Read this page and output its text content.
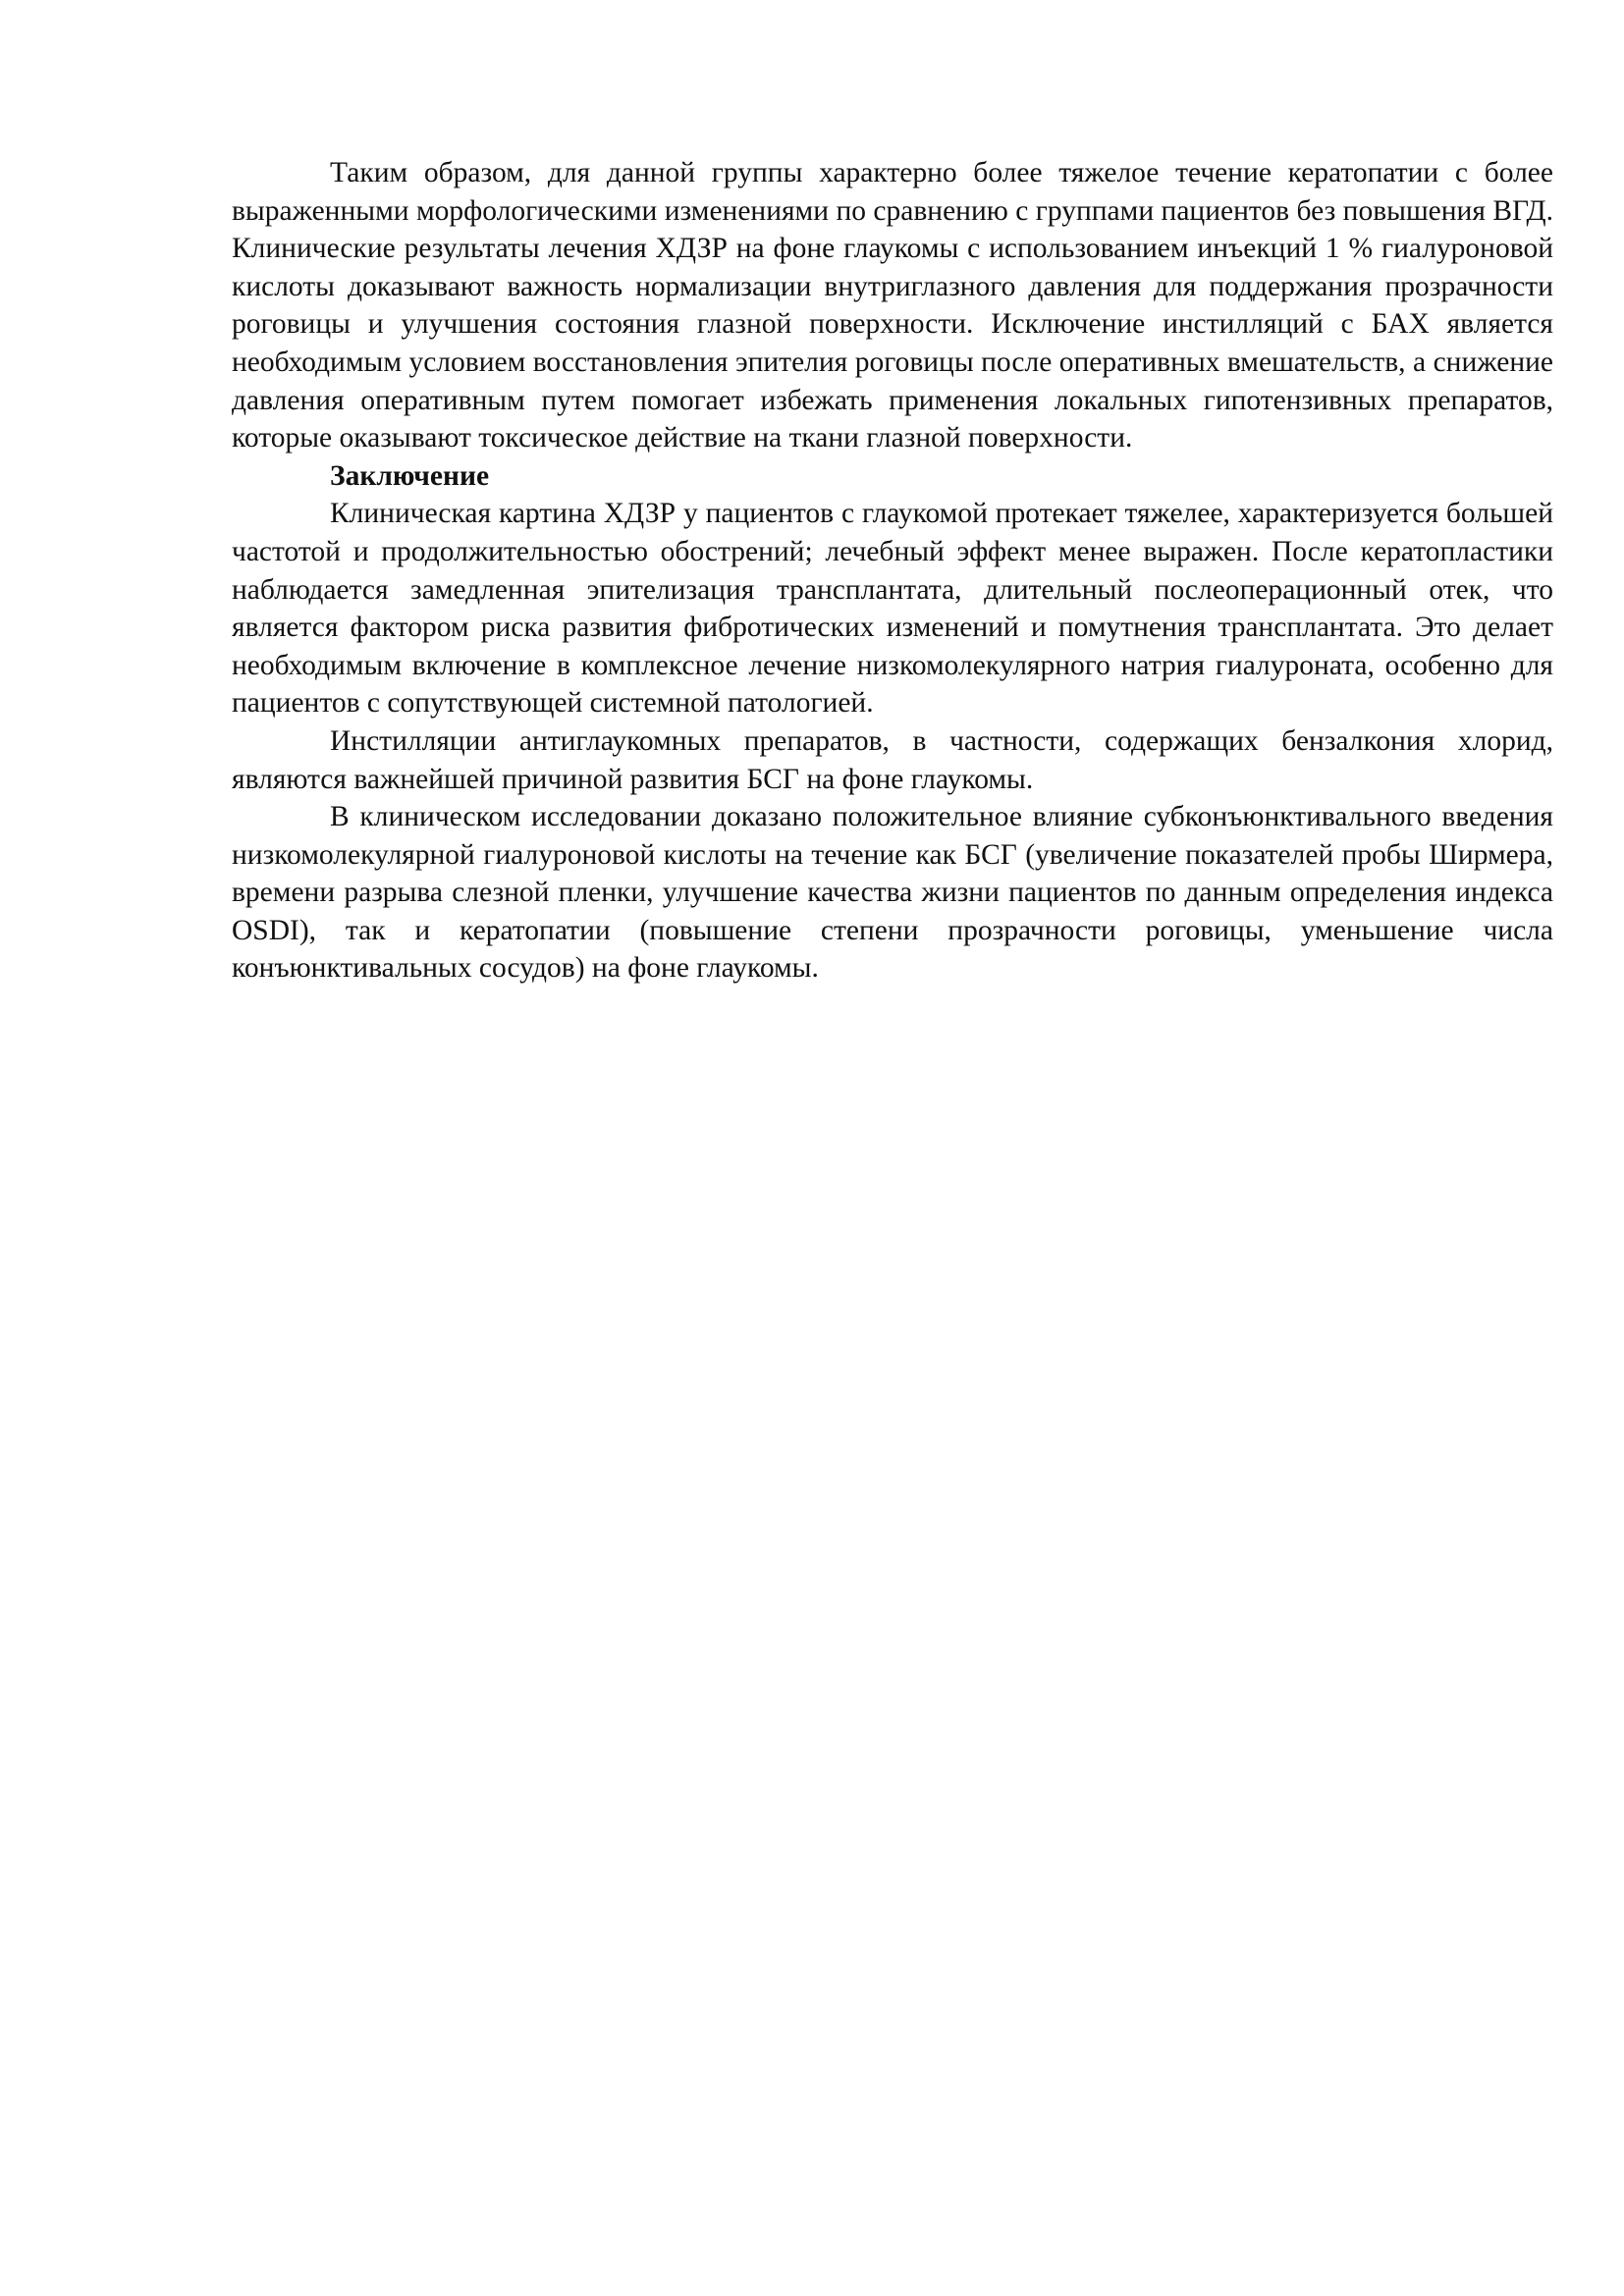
Таким образом, для данной группы характерно более тяжелое течение кератопатии с более выраженными морфологическими изменениями по сравнению с группами пациентов без повышения ВГД. Клинические результаты лечения ХДЗР на фоне глаукомы с использованием инъекций 1 % гиалуроновой кислоты доказывают важность нормализации внутриглазного давления для поддержания прозрачности роговицы и улучшения состояния глазной поверхности. Исключение инстилляций с БАХ является необходимым условием восстановления эпителия роговицы после оперативных вмешательств, а снижение давления оперативным путем помогает избежать применения локальных гипотензивных препаратов, которые оказывают токсическое действие на ткани глазной поверхности.

Заключение

Клиническая картина ХДЗР у пациентов с глаукомой протекает тяжелее, характеризуется большей частотой и продолжительностью обострений; лечебный эффект менее выражен. После кератопластики наблюдается замедленная эпителизация трансплантата, длительный послеоперационный отек, что является фактором риска развития фибротических изменений и помутнения трансплантата. Это делает необходимым включение в комплексное лечение низкомолекулярного натрия гиалуроната, особенно для пациентов с сопутствующей системной патологией.

Инстилляции антиглаукомных препаратов, в частности, содержащих бензалкония хлорид, являются важнейшей причиной развития БСГ на фоне глаукомы.

В клиническом исследовании доказано положительное влияние субконъюнктивального введения низкомолекулярной гиалуроновой кислоты на течение как БСГ (увеличение показателей пробы Ширмера, времени разрыва слезной пленки, улучшение качества жизни пациентов по данным определения индекса OSDI), так и кератопатии (повышение степени прозрачности роговицы, уменьшение числа конъюнктивальных сосудов) на фоне глаукомы.
